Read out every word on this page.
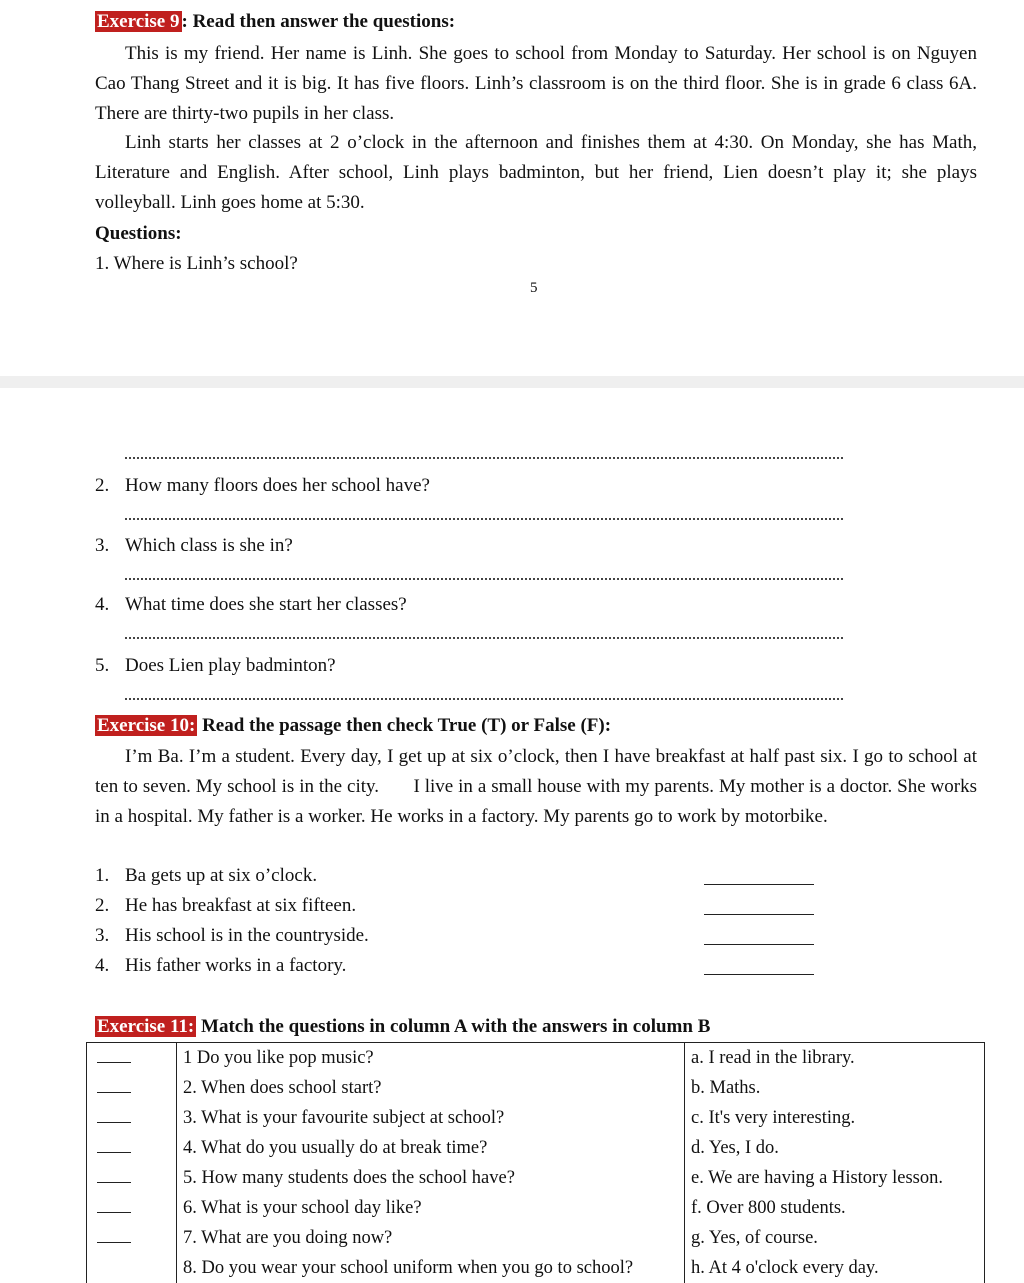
Exercise 9 : Read then answer the questions:
This is my friend. Her name is Linh. She goes to school from Monday to Saturday. Her school is on Nguyen Cao Thang Street and it is big. It has five floors. Linh’s classroom is on the third floor. She is in grade 6 class 6A. There are thirty-two pupils in her class.
Linh starts her classes at 2 o’clock in the afternoon and finishes them at 4:30. On Monday, she has Math, Literature and English. After school, Linh plays badminton, but her friend, Lien doesn’t play it; she plays volleyball. Linh goes home at 5:30.
Questions:
1. Where is Linh’s school?
5
2. How many floors does her school have?
3. Which class is she in?
4. What time does she start her classes?
5. Does Lien play badminton?
Exercise 10: Read the passage then check True (T) or False (F):
I’m Ba. I’m a student. Every day, I get up at six o’clock, then I have breakfast at half past six. I go to school at ten to seven. My school is in the city.       I live in a small house with my parents. My mother is a doctor. She works in a hospital. My father is a worker. He works in a factory. My parents go to work by motorbike.
1. Ba gets up at six o’clock.
2. He has breakfast at six fifteen.
3. His school is in the countryside.
4. His father works in a factory.
Exercise 11: Match the questions in column A with the answers in column B
	1 Do you like pop music?	a. I read in the library.
	2. When does school start?	b. Maths.
	3. What is your favourite subject at school?	c. It's very interesting.
	4. What do you usually do at break time?	d. Yes, I do.
	5. How many students does the school have?	e. We are having a History lesson.
	6. What is your school day like?	f. Over 800 students.
	7. What are you doing now?	g. Yes, of course.
	8. Do you wear your school uniform when you go to school?	h. At 4 o'clock every day.
